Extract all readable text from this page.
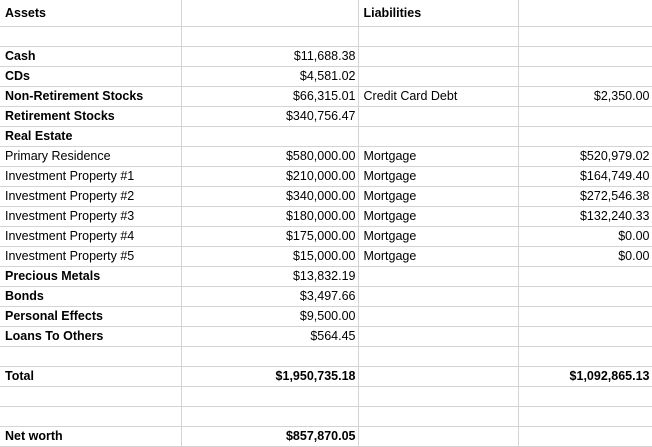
Assets		Liabilities	

Cash	$11,688.38		
CDs	$4,581.02		
Non-Retirement Stocks	$66,315.01	Credit Card Debt	$2,350.00
Retirement Stocks	$340,756.47		
Real Estate			
Primary Residence	$580,000.00	Mortgage	$520,979.02
Investment Property #1	$210,000.00	Mortgage	$164,749.40
Investment Property #2	$340,000.00	Mortgage	$272,546.38
Investment Property #3	$180,000.00	Mortgage	$132,240.33
Investment Property #4	$175,000.00	Mortgage	$0.00
Investment Property #5	$15,000.00	Mortgage	$0.00
Precious Metals	$13,832.19		
Bonds	$3,497.66		
Personal Effects	$9,500.00		
Loans To Others	$564.45		

Total	$1,950,735.18		$1,092,865.13

Net worth	$857,870.05		
